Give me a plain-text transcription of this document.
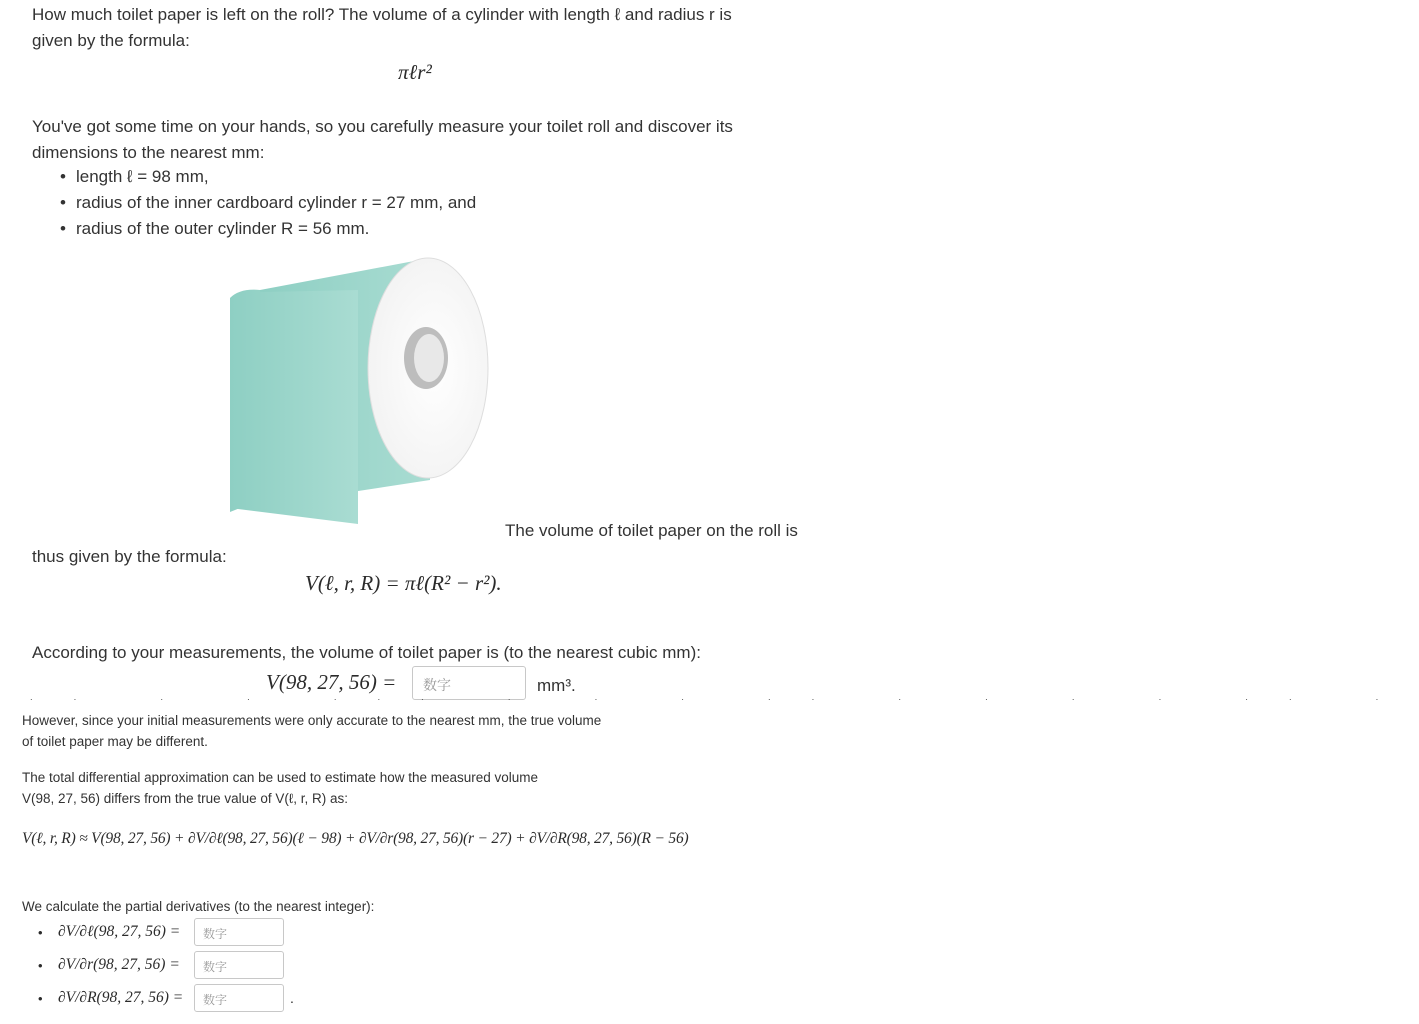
How much toilet paper is left on the roll? The volume of a cylinder with length ℓ and radius r is
given by the formula:
πℓr²
You've got some time on your hands, so you carefully measure your toilet roll and discover its
dimensions to the nearest mm:
• length ℓ = 98 mm,
• radius of the inner cardboard cylinder r = 27 mm, and
• radius of the outer cylinder R = 56 mm.
The volume of toilet paper on the roll is
thus given by the formula:
V(ℓ, r, R) = πℓ(R² − r²).
According to your measurements, the volume of toilet paper is (to the nearest cubic mm):
V(98, 27, 56) =	数字	mm³.
˙˙ ˙ ˙ ˙˙˙ ˙ ˙ ˙ ˙˙ ˙ ˙ ˙ ˙ ˙˙ ˙
However, since your initial measurements were only accurate to the nearest mm, the true volume
of toilet paper may be different.
The total differential approximation can be used to estimate how the measured volume
V(98, 27, 56) differs from the true value of V(ℓ, r, R) as:
V(ℓ, r, R) ≈ V(98, 27, 56) + ∂V/∂ℓ(98, 27, 56)(ℓ − 98) + ∂V/∂r(98, 27, 56)(r − 27) + ∂V/∂R(98, 27, 56)(R − 56)
We calculate the partial derivatives (to the nearest integer):
• ∂V/∂ℓ(98, 27, 56) =	数字
• ∂V/∂r(98, 27, 56) =	数字
• ∂V/∂R(98, 27, 56) =	数字	.
